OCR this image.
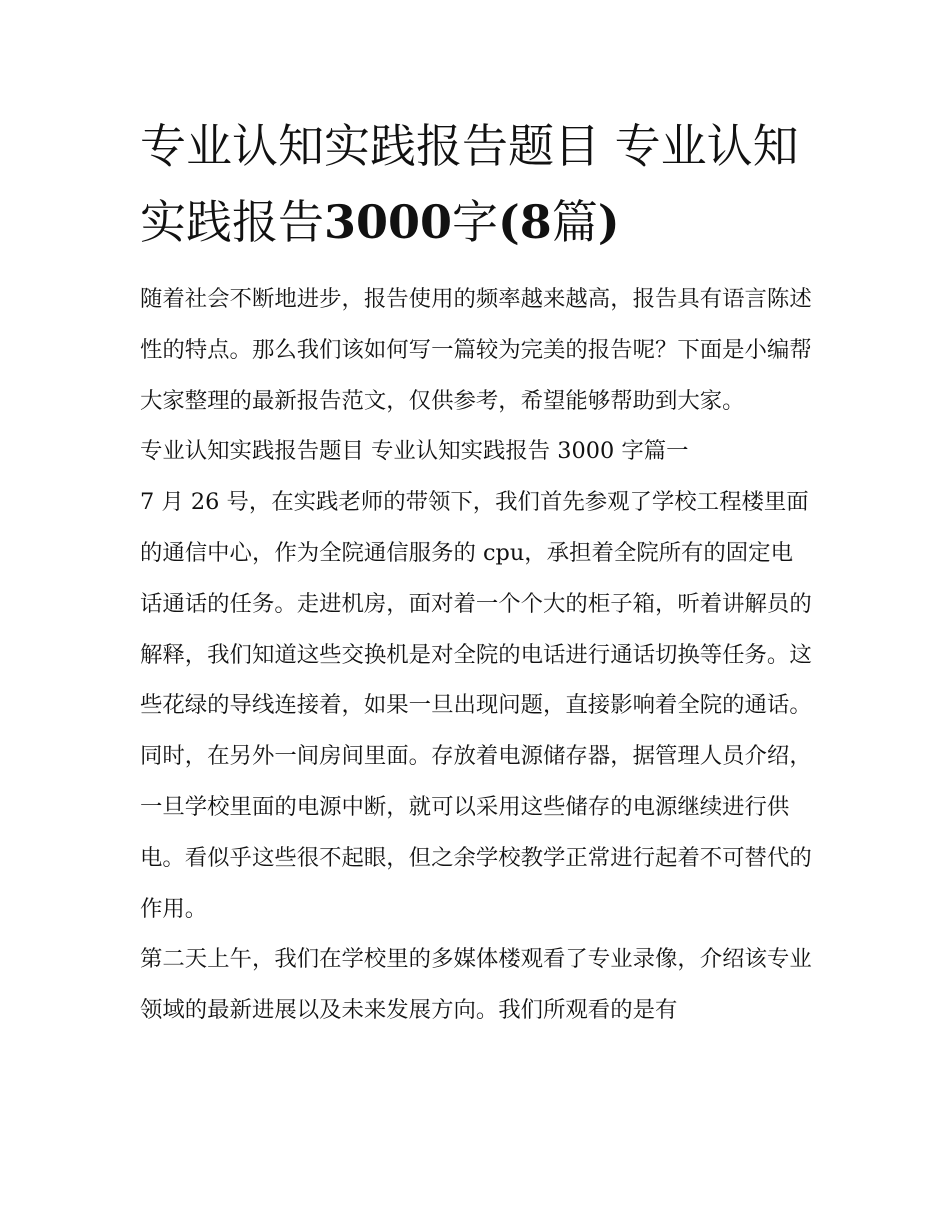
专业认知实践报告题目 专业认知实践报告3000字(8篇)

随着社会不断地进步，报告使用的频率越来越高，报告具有语言陈述性的特点。那么我们该如何写一篇较为完美的报告呢？下面是小编帮大家整理的最新报告范文，仅供参考，希望能够帮助到大家。

专业认知实践报告题目 专业认知实践报告 3000 字篇一

7 月 26 号，在实践老师的带领下，我们首先参观了学校工程楼里面的通信中心，作为全院通信服务的 cpu，承担着全院所有的固定电话通话的任务。走进机房，面对着一个个大的柜子箱，听着讲解员的解释，我们知道这些交换机是对全院的电话进行通话切换等任务。这些花绿的导线连接着，如果一旦出现问题，直接影响着全院的通话。同时，在另外一间房间里面。存放着电源储存器，据管理人员介绍，一旦学校里面的电源中断，就可以采用这些储存的电源继续进行供电。看似乎这些很不起眼，但之余学校教学正常进行起着不可替代的作用。

第二天上午，我们在学校里的多媒体楼观看了专业录像，介绍该专业领域的最新进展以及未来发展方向。我们所观看的是有
